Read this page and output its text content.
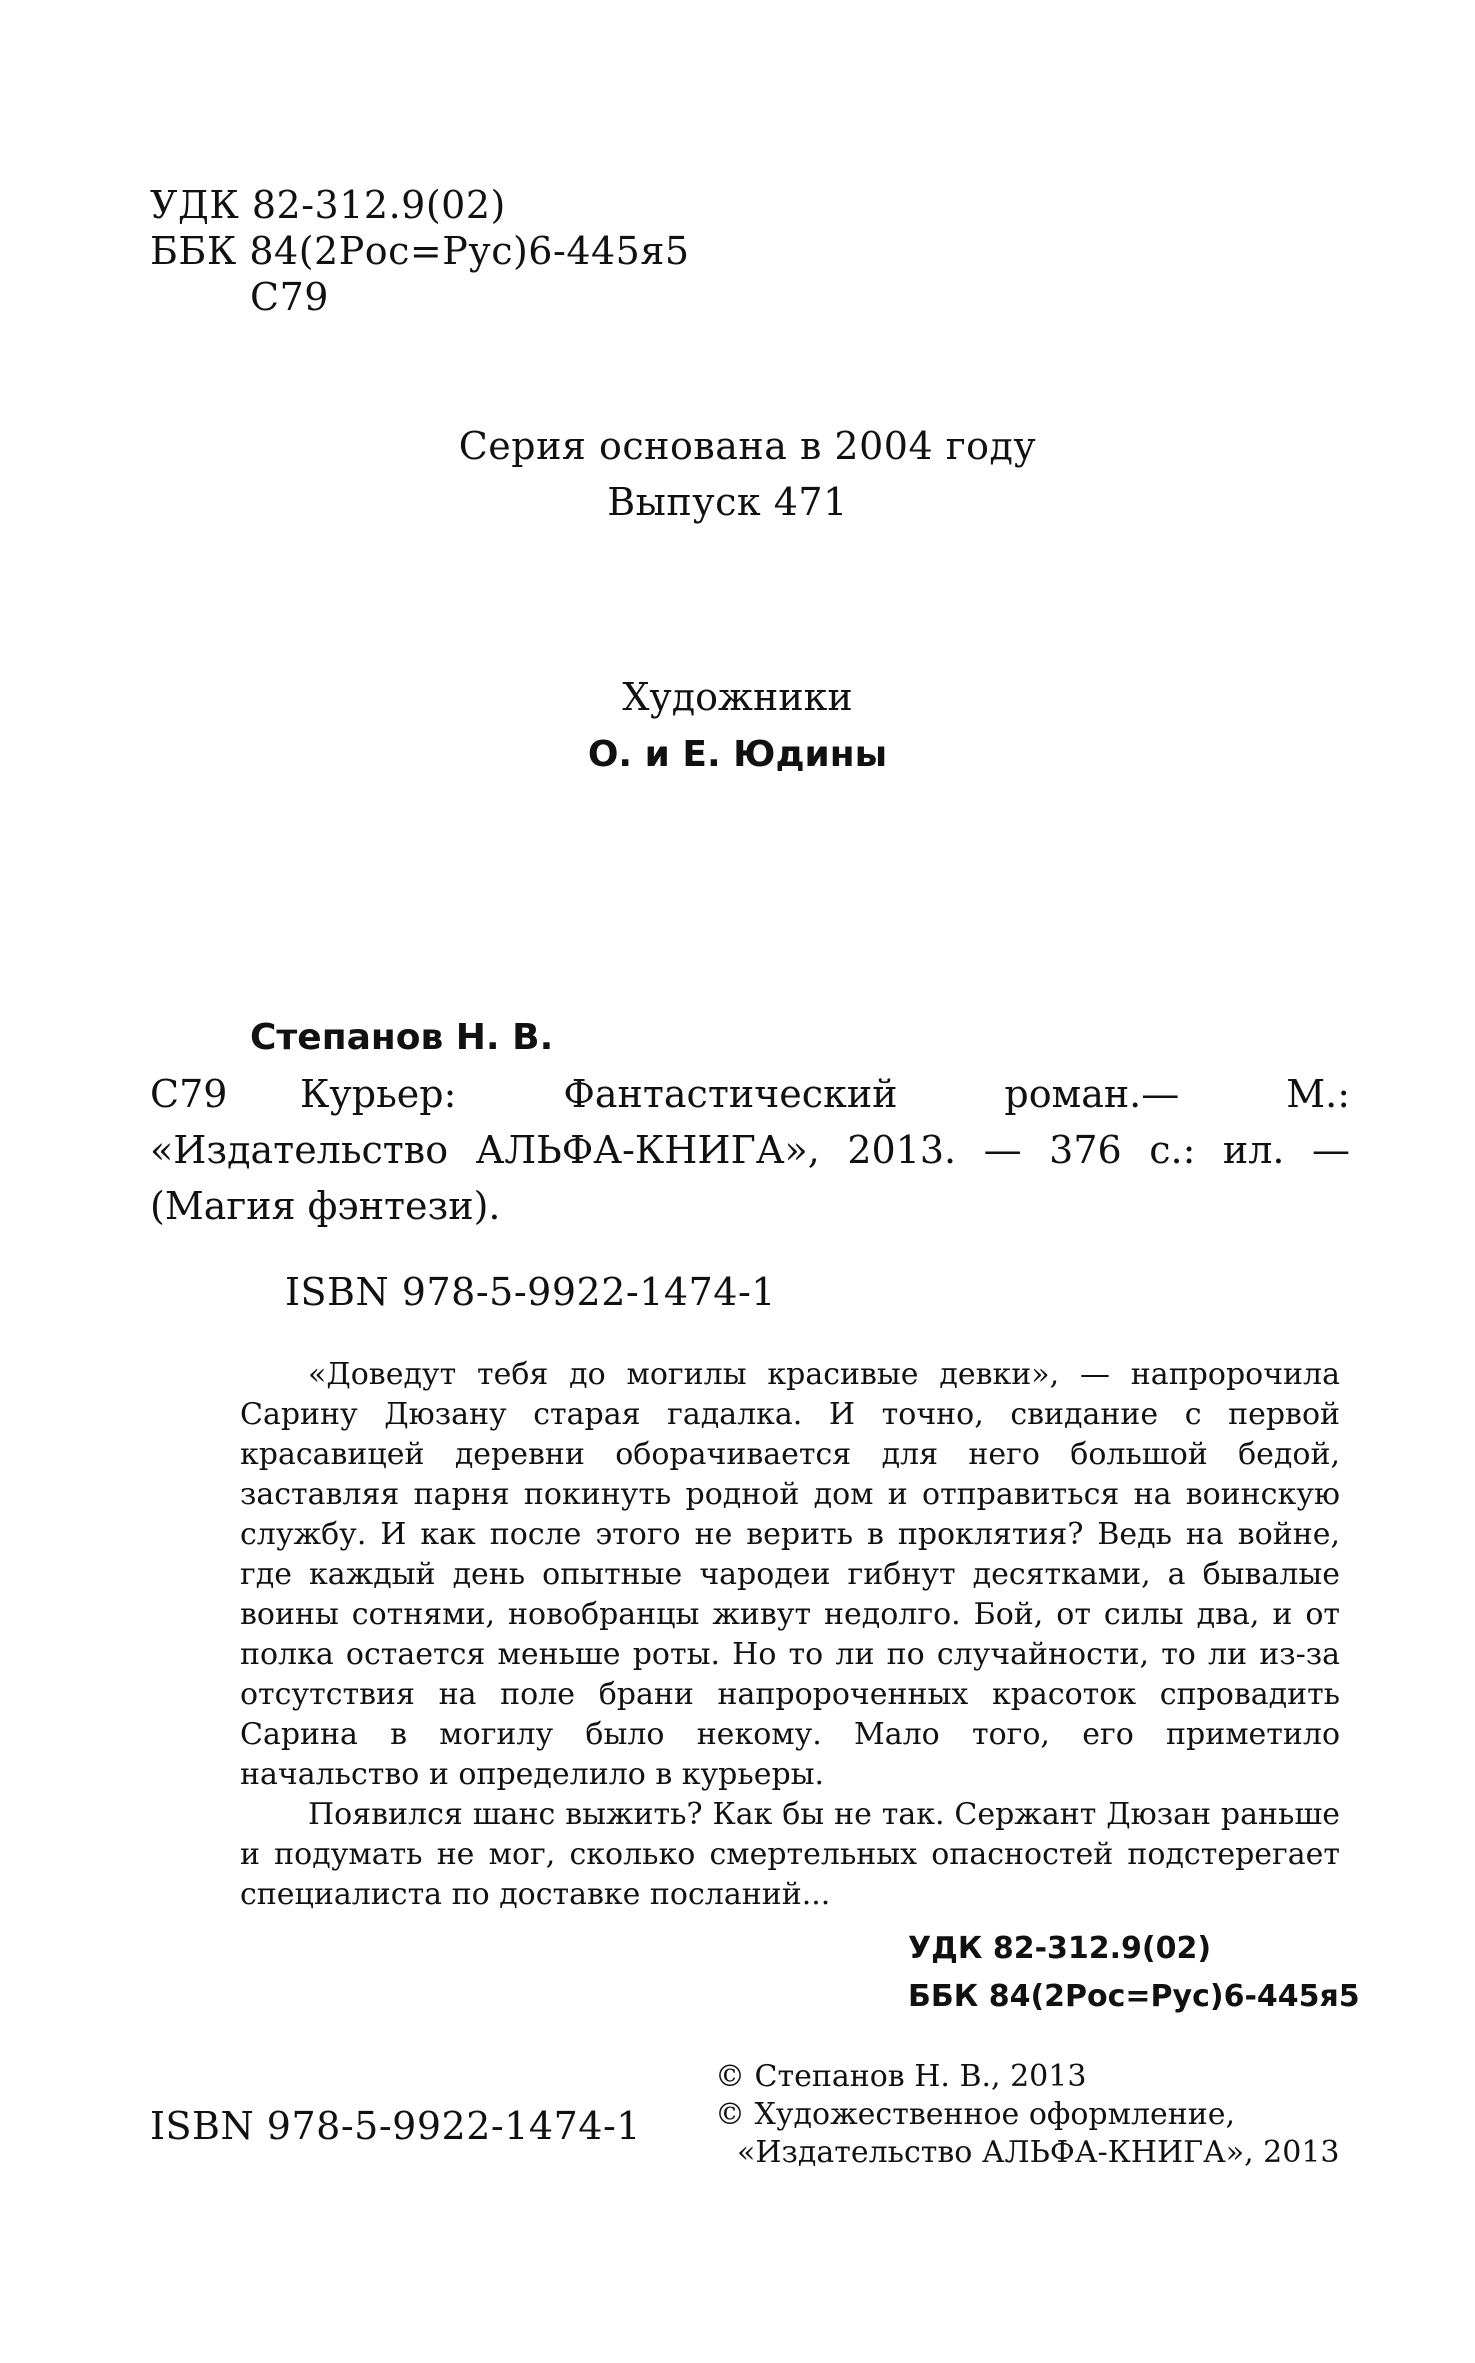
УДК 82-312.9(02)
ББК 84(2Рос=Рус)6-445я5
С79
Серия основана в 2004 году
Выпуск 471
Художники
О. и Е. Юдины
Степанов Н. В.
С79 Курьер: Фантастический роман.— М.: «Издательство АЛЬФА-КНИГА», 2013. — 376 с.: ил. — (Магия фэнтези).
ISBN 978-5-9922-1474-1

«Доведут тебя до могилы красивые девки», — напророчила Сарину Дюзану старая гадалка. И точно, свидание с первой красавицей деревни оборачивается для него большой бедой, заставляя парня покинуть родной дом и отправиться на воинскую службу. И как после этого не верить в проклятия? Ведь на войне, где каждый день опытные чародеи гибнут десятками, а бывалые воины сотнями, новобранцы живут недолго. Бой, от силы два, и от полка остается меньше роты. Но то ли по случайности, то ли из-за отсутствия на поле брани напророченных красоток спровадить Сарина в могилу было некому. Мало того, его приметило начальство и определило в курьеры.

Появился шанс выжить? Как бы не так. Сержант Дюзан раньше и подумать не мог, сколько смертельных опасностей подстерегает специалиста по доставке посланий...

УДК 82-312.9(02)
ББК 84(2Рос=Рус)6-445я5
ISBN 978-5-9922-1474-1
© Степанов Н. В., 2013
© Художественное оформление,
«Издательство АЛЬФА-КНИГА», 2013
